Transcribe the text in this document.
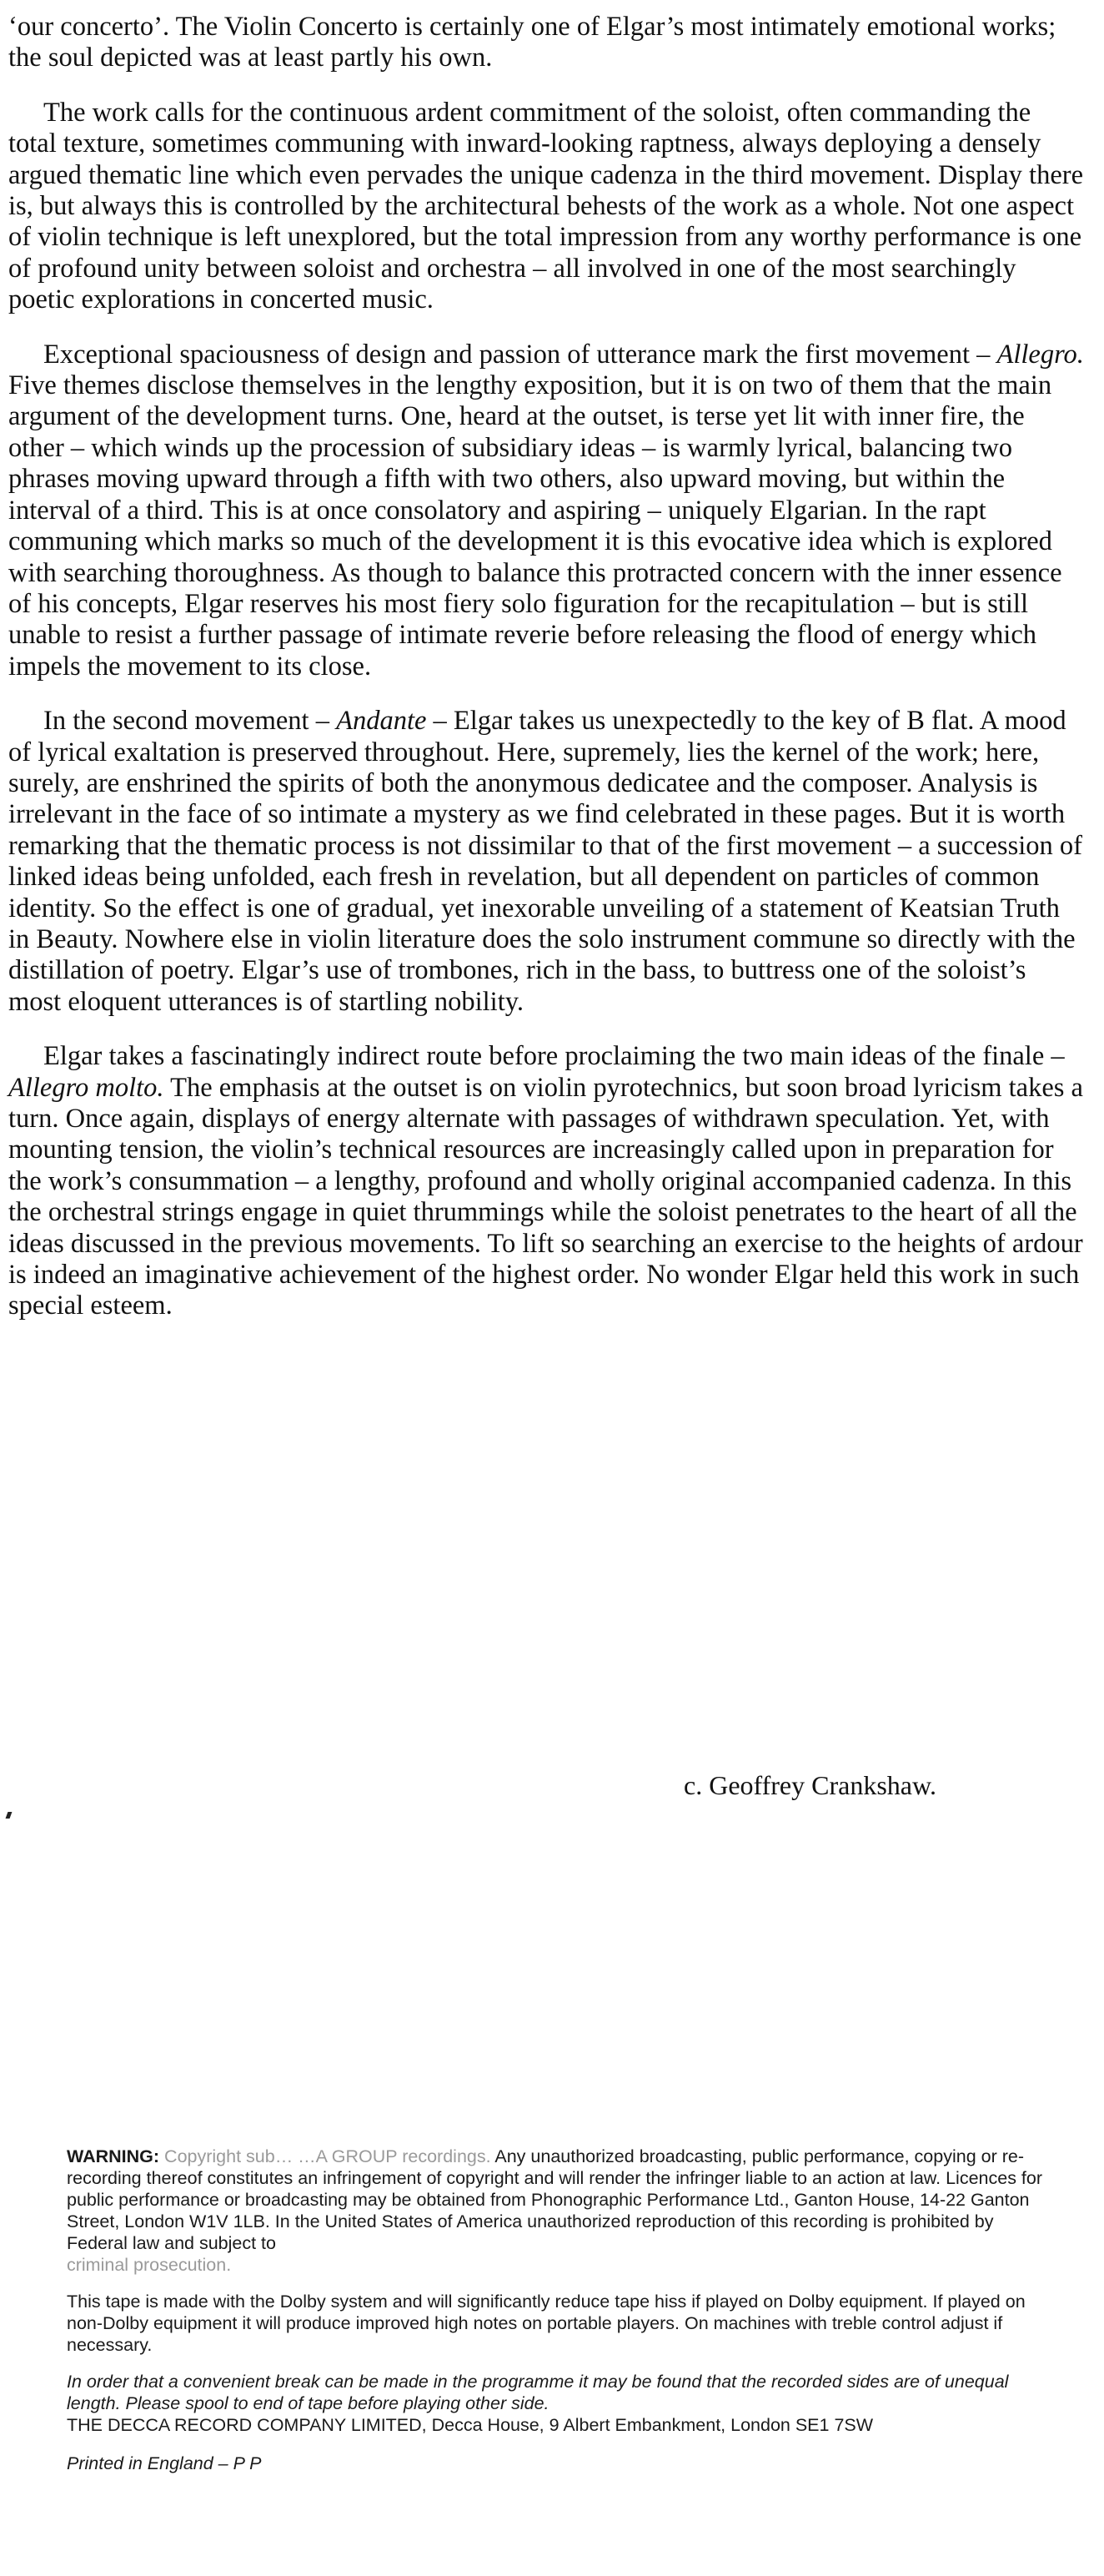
‘our concerto’. The Violin Concerto is certainly one of Elgar’s most intimately emotional works; the soul depicted was at least partly his own.

The work calls for the continuous ardent commitment of the soloist, often commanding the total texture, sometimes communing with inward-looking raptness, always deploying a densely argued thematic line which even pervades the unique cadenza in the third movement. Display there is, but always this is controlled by the architectural behests of the work as a whole. Not one aspect of violin technique is left unexplored, but the total impression from any worthy performance is one of profound unity between soloist and orchestra – all involved in one of the most searchingly poetic explorations in concerted music.

Exceptional spaciousness of design and passion of utterance mark the first movement – Allegro. Five themes disclose themselves in the lengthy exposition, but it is on two of them that the main argument of the development turns. One, heard at the outset, is terse yet lit with inner fire, the other – which winds up the procession of subsidiary ideas – is warmly lyrical, balancing two phrases moving upward through a fifth with two others, also upward moving, but within the interval of a third. This is at once consolatory and aspiring – uniquely Elgarian. In the rapt communing which marks so much of the development it is this evocative idea which is explored with searching thoroughness. As though to balance this protracted concern with the inner essence of his concepts, Elgar reserves his most fiery solo figuration for the recapitulation – but is still unable to resist a further passage of intimate reverie before releasing the flood of energy which impels the movement to its close.

In the second movement – Andante – Elgar takes us unexpectedly to the key of B flat. A mood of lyrical exaltation is preserved throughout. Here, supremely, lies the kernel of the work; here, surely, are enshrined the spirits of both the anonymous dedicatee and the composer. Analysis is irrelevant in the face of so intimate a mystery as we find celebrated in these pages. But it is worth remarking that the thematic process is not dissimilar to that of the first movement – a succession of linked ideas being unfolded, each fresh in revelation, but all dependent on particles of common identity. So the effect is one of gradual, yet inexorable unveiling of a statement of Keatsian Truth in Beauty. Nowhere else in violin literature does the solo instrument commune so directly with the distillation of poetry. Elgar’s use of trombones, rich in the bass, to buttress one of the soloist’s most eloquent utterances is of startling nobility.

Elgar takes a fascinatingly indirect route before proclaiming the two main ideas of the finale – Allegro molto. The emphasis at the outset is on violin pyrotechnics, but soon broad lyricism takes a turn. Once again, displays of energy alternate with passages of withdrawn speculation. Yet, with mounting tension, the violin’s technical resources are increasingly called upon in preparation for the work’s consummation – a lengthy, profound and wholly original accompanied cadenza. In this the orchestral strings engage in quiet thrummings while the soloist penetrates to the heart of all the ideas discussed in the previous movements. To lift so searching an exercise to the heights of ardour is indeed an imaginative achievement of the highest order. No wonder Elgar held this work in such special esteem.

c. Geoffrey Crankshaw.

WARNING: Copyright sub… …A GROUP recordings. Any unauthorized broadcasting, public performance, copying or re-recording thereof constitutes an infringement of copyright and will render the infringer liable to an action at law. Licences for public performance or broadcasting may be obtained from Phonographic Performance Ltd., Ganton House, 14-22 Ganton Street, London W1V 1LB. In the United States of America unauthorized reproduction of this recording is prohibited by Federal law and subject to
criminal prosecution.

This tape is made with the Dolby system and will significantly reduce tape hiss if played on Dolby equipment. If played on non-Dolby equipment it will produce improved high notes on portable players. On machines with treble control adjust if necessary.

In order that a convenient break can be made in the programme it may be found that the recorded sides are of unequal length. Please spool to end of tape before playing other side.

THE DECCA RECORD COMPANY LIMITED, Decca House, 9 Albert Embankment, London SE1 7SW

Printed in England – P P
